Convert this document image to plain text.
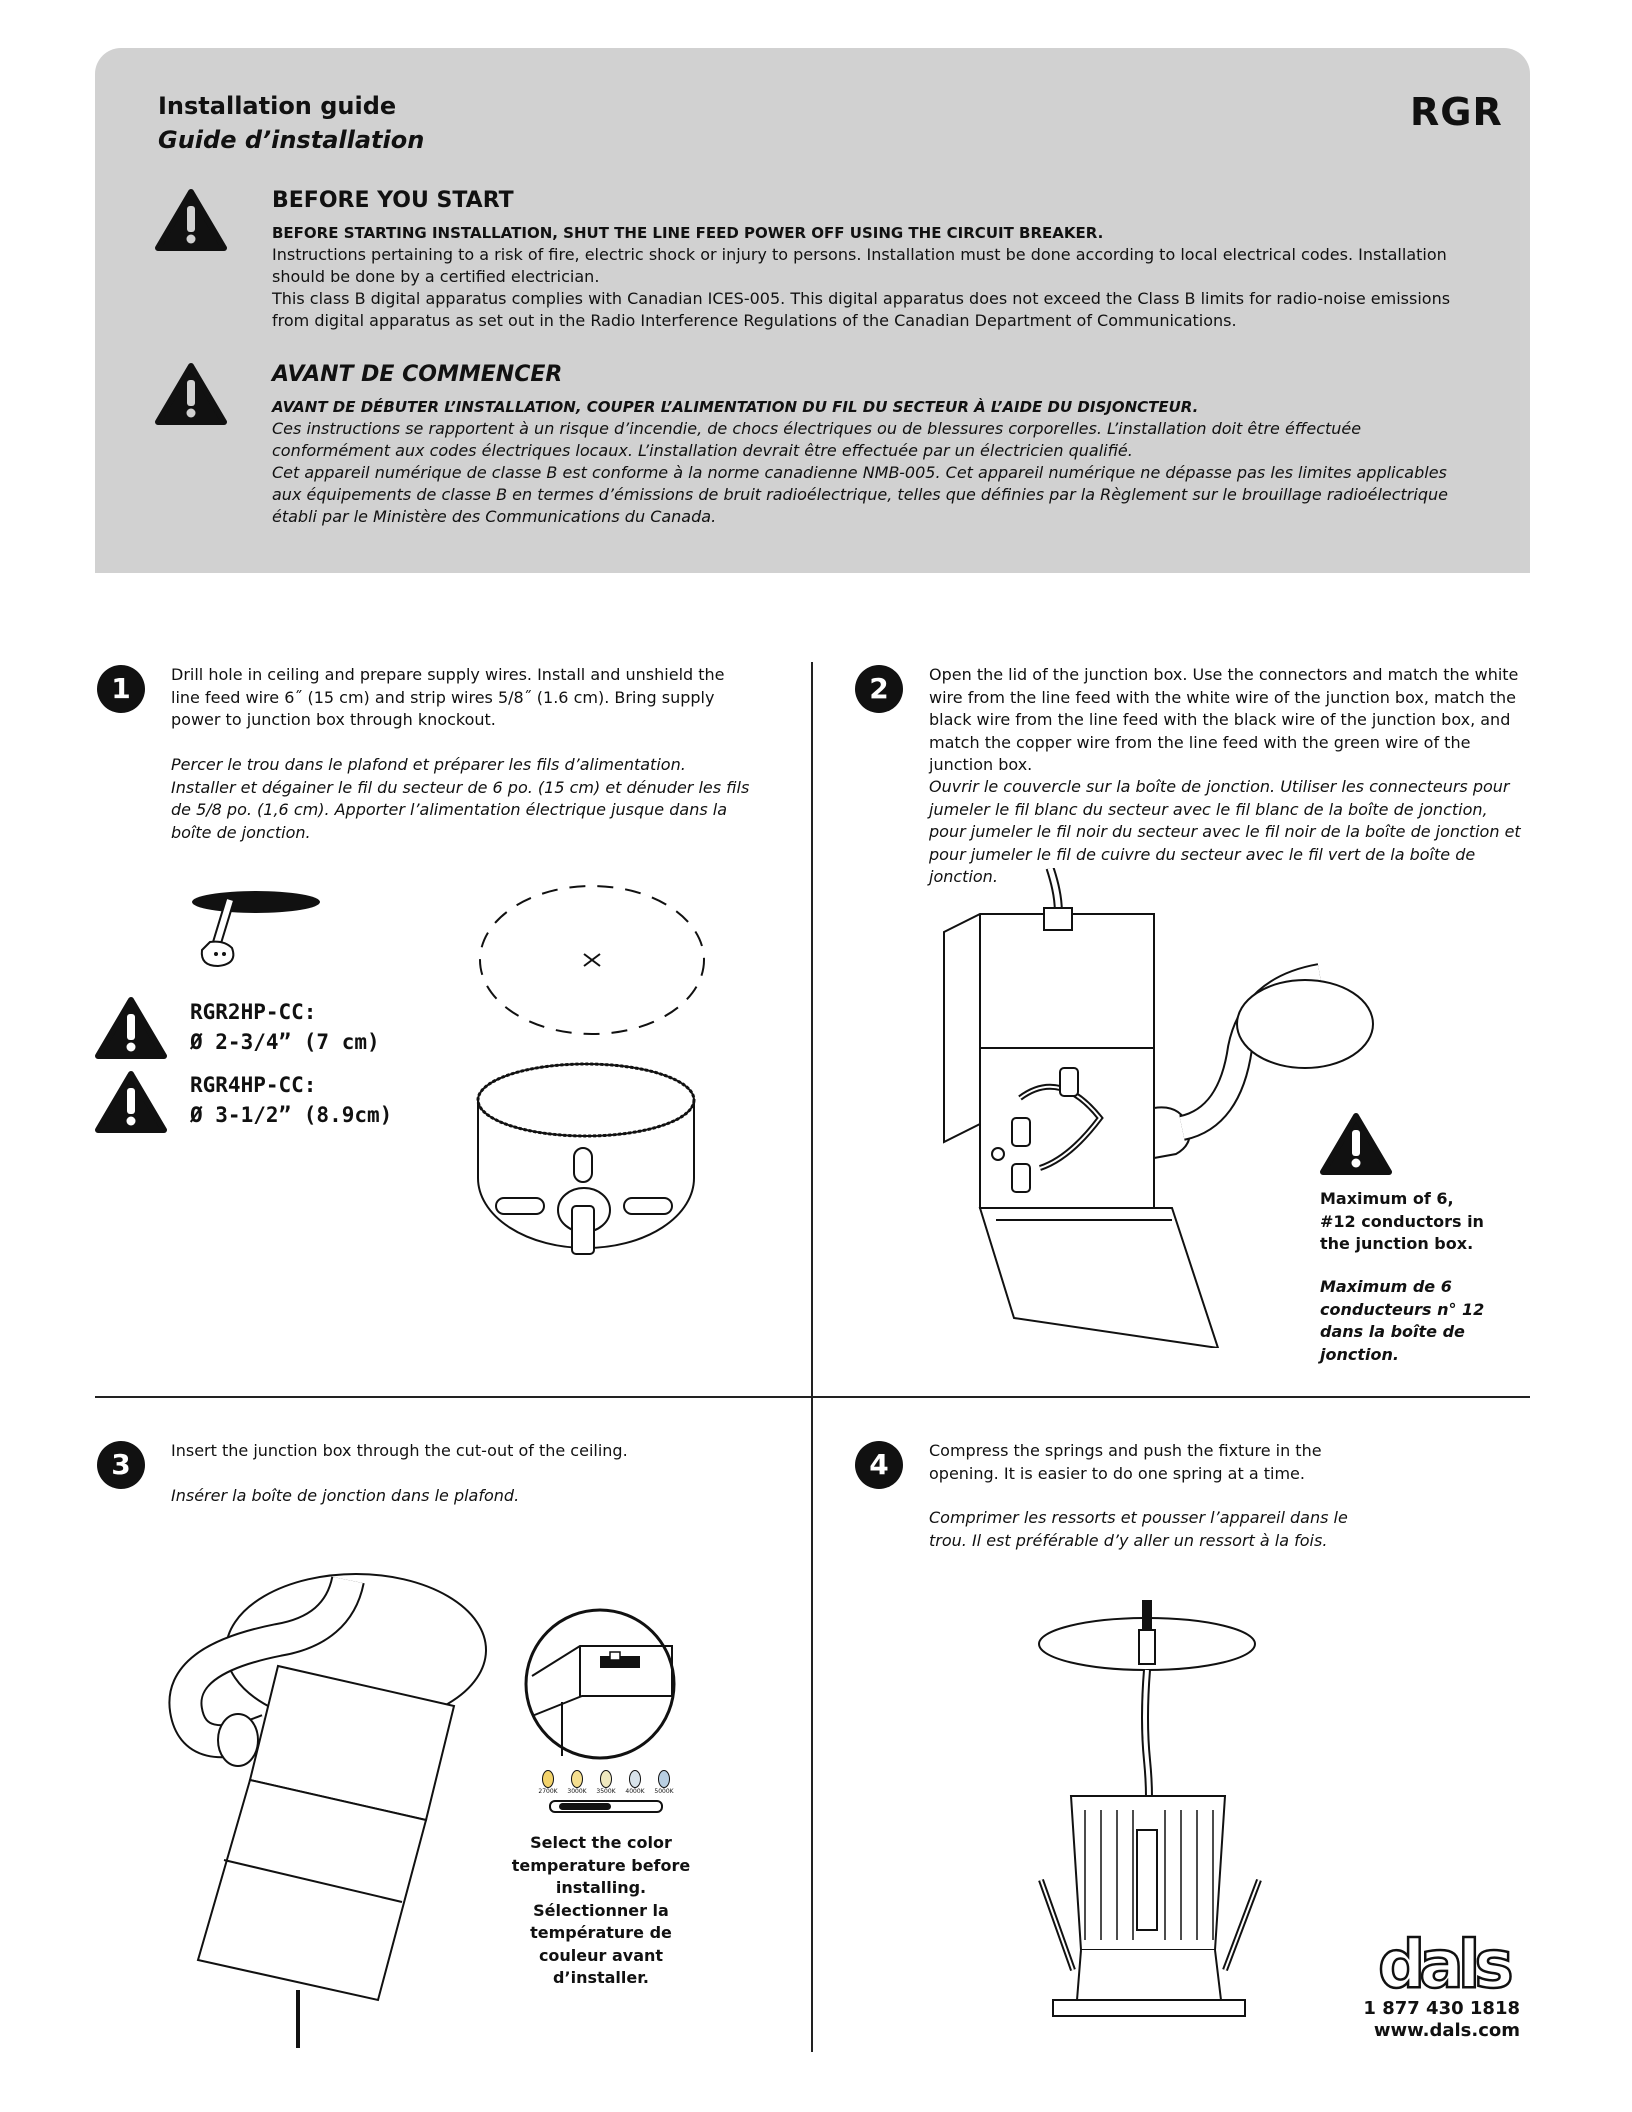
Installation guide
Guide d’installation
RGR
BEFORE YOU START
BEFORE STARTING INSTALLATION, SHUT THE LINE FEED POWER OFF USING THE CIRCUIT BREAKER.
Instructions pertaining to a risk of fire, electric shock or injury to persons. Installation must be done according to local electrical codes. Installation should be done by a certified electrician.
This class B digital apparatus complies with Canadian ICES-005. This digital apparatus does not exceed the Class B limits for radio-noise emissions from digital apparatus as set out in the Radio Interference Regulations of the Canadian Department of Communications.
AVANT DE COMMENCER
AVANT DE DÉBUTER L’INSTALLATION, COUPER L’ALIMENTATION DU FIL DU SECTEUR À L’AIDE DU DISJONCTEUR.
Ces instructions se rapportent à un risque d’incendie, de chocs électriques ou de blessures corporelles. L’installation doit être éffectuée conformément aux codes électriques locaux. L’installation devrait être effectuée par un électricien qualifié.
Cet appareil numérique de classe B est conforme à la norme canadienne NMB-005. Cet appareil numérique ne dépasse pas les limites applicables aux équipements de classe B en termes d’émissions de bruit radioélectrique, telles que définies par la Règlement sur le brouillage radioélectrique établi par le Ministère des Communications du Canada.
1	Drill hole in ceiling and prepare supply wires. Install and unshield the line feed wire 6˝ (15 cm) and strip wires 5/8˝ (1.6 cm). Bring supply power to junction box through knockout.
Percer le trou dans le plafond et préparer les fils d’alimentation. Installer et dégainer le fil du secteur de 6 po. (15 cm) et dénuder les fils de 5/8 po. (1,6 cm). Apporter l’alimentation électrique jusque dans la boîte de jonction.
RGR2HP-CC:
Ø 2-3/4” (7 cm)
RGR4HP-CC:
Ø 3-1/2” (8.9cm)
2	Open the lid of the junction box. Use the connectors and match the white wire from the line feed with the white wire of the junction box, match the black wire from the line feed with the black wire of the junction box, and match the copper wire from the line feed with the green wire of the junction box.
Ouvrir le couvercle sur la boîte de jonction. Utiliser les connecteurs pour jumeler le fil blanc du secteur avec le fil blanc de la boîte de jonction, pour jumeler le fil noir du secteur avec le fil noir de la boîte de jonction et pour jumeler le fil de cuivre du secteur avec le fil vert de la boîte de jonction.
Maximum of 6, #12 conductors in the junction box.
Maximum de 6 conducteurs n° 12 dans la boîte de jonction.
3	Insert the junction box through the cut-out of the ceiling.
Insérer la boîte de jonction dans le plafond.
2700K	3000K	3500K	4000K	5000K
Select the color temperature before installing. Sélectionner la température de couleur avant d’installer.
4	Compress the springs and push the fixture in the opening. It is easier to do one spring at a time.
Comprimer les ressorts et pousser l’appareil dans le trou. Il est préférable d’y aller un ressort à la fois.
dals
1 877 430 1818
www.dals.com
